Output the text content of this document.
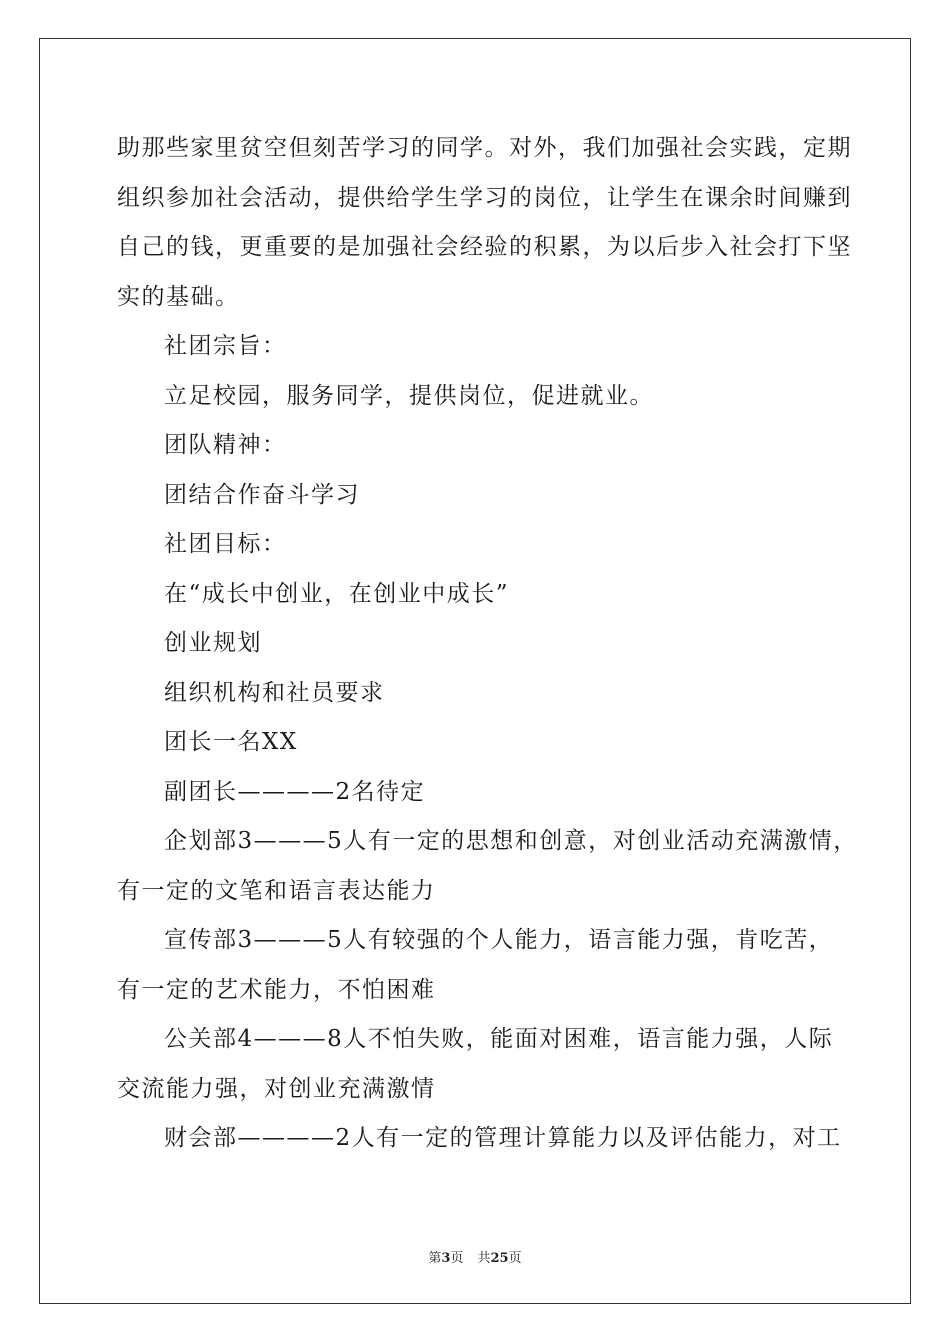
助那些家里贫空但刻苦学习的同学。对外，我们加强社会实践，定期

组织参加社会活动，提供给学生学习的岗位，让学生在课余时间赚到

自己的钱，更重要的是加强社会经验的积累，为以后步入社会打下坚

实的基础。

社团宗旨：

立足校园，服务同学，提供岗位，促进就业。

团队精神：

团结合作奋斗学习

社团目标：

在“成长中创业，在创业中成长”

创业规划

组织机构和社员要求

团长一名XX

副团长————2名待定

企划部3———5人有一定的思想和创意，对创业活动充满激情，

有一定的文笔和语言表达能力

宣传部3———5人有较强的个人能力，语言能力强，肯吃苦，

有一定的艺术能力，不怕困难

公关部4———8人不怕失败，能面对困难，语言能力强，人际

交流能力强，对创业充满激情

财会部————2人有一定的管理计算能力以及评估能力，对工

第3页 共25页
